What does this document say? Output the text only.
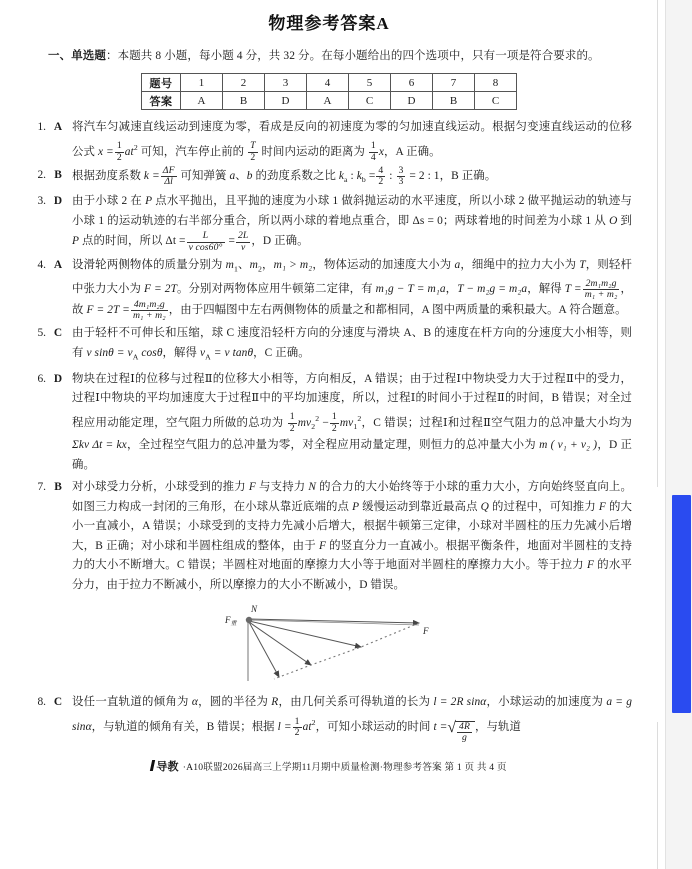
物理参考答案A
一、单选题：本题共 8 小题，每小题 4 分，共 32 分。在每小题给出的四个选项中，只有一项是符合要求的。
题号	1	2	3	4	5	6	7	8
答案	A	B	D	A	C	D	B	C
1. A 将汽车匀减速直线运动到速度为零，看成是反向的初速度为零的匀加速直线运动。根据匀变速直线运动的位移公式 $x = \frac{1}{2} at^2$ 可知，汽车停止前的 $\frac{T}{2}$ 时间内运动的距离为 $\frac{1}{4}$ x，A 正确。
2. B 根据劲度系数 $k = \frac{\Delta F}{\Delta l}$ 可知弹簧 a、b 的劲度系数之比 $k_a$ : $k_b = \frac{4}{2}$ : $\frac{3}{3} = 2$ : 1，B 正确。
3. D 由于小球 2 在 P 点水平抛出，且平抛的速度为小球 1 做斜抛运动的水平速度，所以小球 2 做平抛运动的轨迹与小球 1 的运动轨迹的右半部分重合，所以两小球的着地点重合，即 Δs = 0；两球着地的时间差为小球 1 从 O 到 P 点的时间，所以 $\Delta t = \frac{L}{\text{v cos60°}} = \frac{2L}{v}$ ，D 正确。
4. A 设滑轮两侧物体的质量分别为 $m_1$、$m_2$，m₁ > m₂，物体运动的加速度大小为 a，细绳中的拉力大小为 T，则轻杆中张力大小为 F = 2T。分别对两物体应用牛顿第二定律，有 m₁g − T = m₁a，T − m₂g = m₂a，解得 $T = \frac{\text{2m₁m₂g}}{\text{m₁ + m₂}}$ ，故 $F = 2T = \frac{\text{4m₁m₂g}}{\text{m₁ + m₂}}$ ，由于四幅图中左右两侧物体的质量之和都相同，A 图中两质量的乘积最大。A 符合题意。
5. C 由于轻杆不可伸长和压缩，球 C 速度沿轻杆方向的分速度与滑块 A、B 的速度在杆方向的分速度大小相等，则有 v $\sin\theta = v_A$ cosθ，解得 $v_A = v$ tanθ，C 正确。
6. D 物块在过程Ⅰ的位移与过程Ⅱ的位移大小相等，方向相反，A 错误；由于过程Ⅰ中物块受力大于过程Ⅱ中的受力，过程Ⅰ中物块的平均加速度大于过程Ⅱ中的平均加速度，所以，过程Ⅰ的时间小于过程Ⅱ的时间，B 错误；对全过程应用动能定理，空气阻力所做的总功为 $\frac{1}{2} mv_2^2 - \frac{1}{2} mv_1^2$，C 错误；过程Ⅰ和过程Ⅱ空气阻力的总冲量大小均为 Σkv Δt = kx，全过程空气阻力的总冲量为零，对全程应用动量定理，则恒力的总冲量大小为 m ( v₁ + v₂ )，D 正确。
7. B 对小球受力分析，小球受到的推力 F 与支持力 N 的合力的大小始终等于小球的重力大小，方向始终竖直向上。如图三力构成一封闭的三角形，在小球从靠近底端的点 P 缓慢运动到靠近最高点 Q 的过程中，可知推力 F 的大小一直减小，A 错误；小球受到的支持力先减小后增大，根据牛顿第三定律，小球对半圆柱的压力先减小后增大，B 正确；对小球和半圆柱组成的整体，由于 F 的竖直分力一直减小。根据平衡条件，地面对半圆柱的支持力的大小不断增大。C 错误；半圆柱对地面的摩擦力大小等于地面对半圆柱的摩擦力大小。等于拉力 F 的水平分力，由于拉力不断减小，所以摩擦力的大小不断减小，D 错误。
N
$F_重$
F
8. C 设任一直轨道的倾角为 α，圆的半径为 R，由几何关系可得轨道的长为 l = 2R sinα，小球运动的加速度为 a = g sinα，与轨道的倾角有关，B 错误；根据 $l = \frac{1}{2} at^2$，可知小球运动的时间 t =√ $\frac{4R}{g}$ ，与轨道
导教 ·A10联盟2026届高三上学期11月期中质量检测·物理参考答案 第 1 页 共 4 页
